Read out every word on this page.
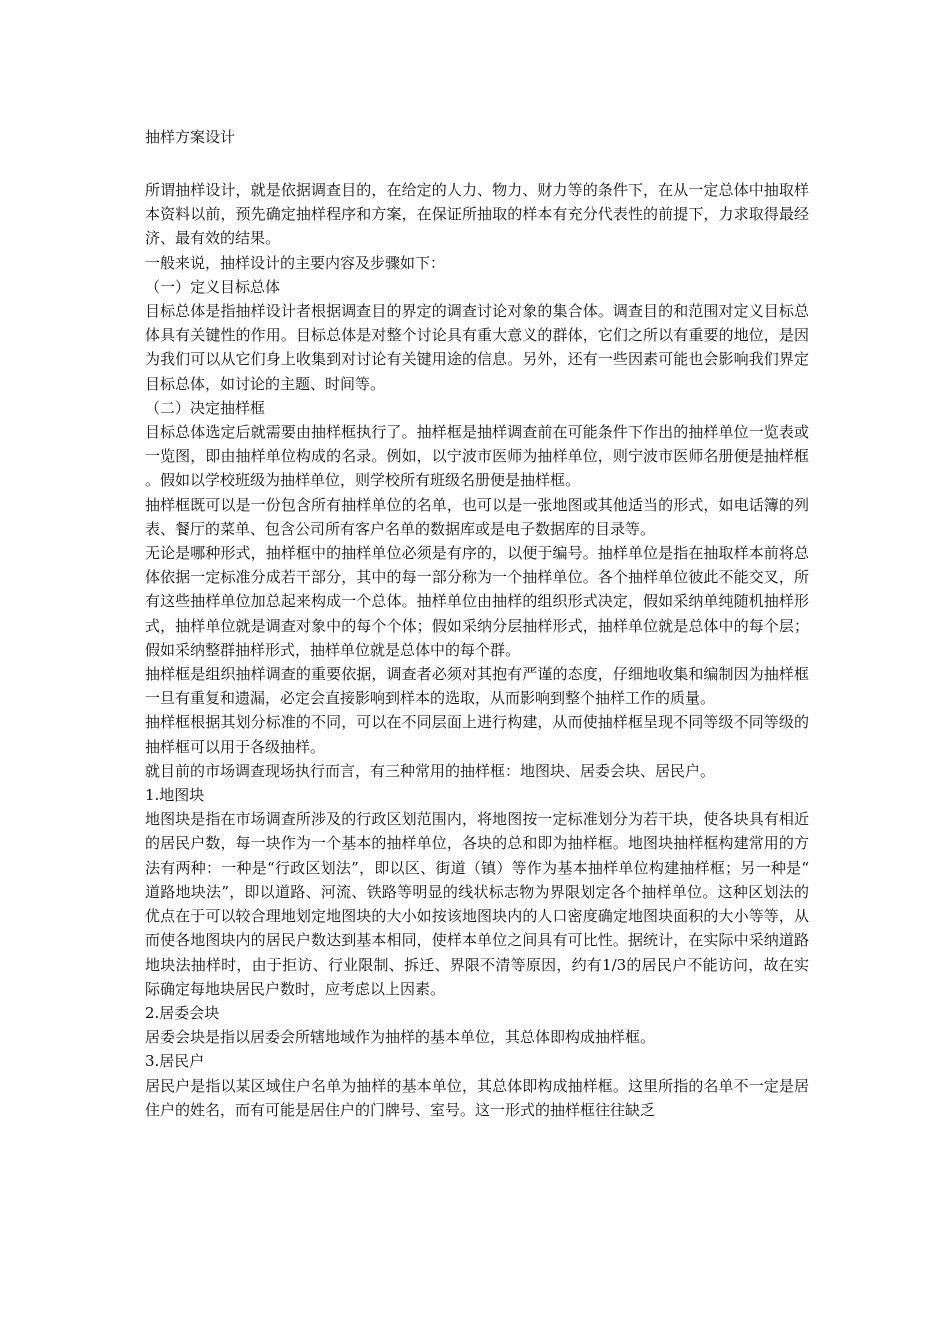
抽样方案设计

所谓抽样设计，就是依据调查目的，在给定的人力、物力、财力等的条件下，在从一定总体中抽取样本资料以前，预先确定抽样程序和方案，在保证所抽取的样本有充分代表性的前提下，力求取得最经济、最有效的结果。

一般来说，抽样设计的主要内容及步骤如下：

（一）定义目标总体

目标总体是指抽样设计者根据调查目的界定的调查讨论对象的集合体。调查目的和范围对定义目标总体具有关键性的作用。目标总体是对整个讨论具有重大意义的群体，它们之所以有重要的地位，是因为我们可以从它们身上收集到对讨论有关键用途的信息。另外，还有一些因素可能也会影响我们界定目标总体，如讨论的主题、时间等。

（二）决定抽样框

目标总体选定后就需要由抽样框执行了。抽样框是抽样调查前在可能条件下作出的抽样单位一览表或一览图，即由抽样单位构成的名录。例如，以宁波市医师为抽样单位，则宁波市医师名册便是抽样框。假如以学校班级为抽样单位，则学校所有班级名册便是抽样框。

抽样框既可以是一份包含所有抽样单位的名单，也可以是一张地图或其他适当的形式，如电话簿的列表、餐厅的菜单、包含公司所有客户名单的数据库或是电子数据库的目录等。

无论是哪种形式，抽样框中的抽样单位必须是有序的，以便于编号。抽样单位是指在抽取样本前将总体依据一定标准分成若干部分，其中的每一部分称为一个抽样单位。各个抽样单位彼此不能交叉，所有这些抽样单位加总起来构成一个总体。抽样单位由抽样的组织形式决定，假如采纳单纯随机抽样形式，抽样单位就是调查对象中的每个个体；假如采纳分层抽样形式，抽样单位就是总体中的每个层；假如采纳整群抽样形式，抽样单位就是总体中的每个群。

抽样框是组织抽样调查的重要依据，调查者必须对其抱有严谨的态度，仔细地收集和编制因为抽样框一旦有重复和遗漏，必定会直接影响到样本的选取，从而影响到整个抽样工作的质量。

抽样框根据其划分标准的不同，可以在不同层面上进行构建，从而使抽样框呈现不同等级不同等级的抽样框可以用于各级抽样。

就目前的市场调查现场执行而言，有三种常用的抽样框：地图块、居委会块、居民户。

1.地图块

地图块是指在市场调查所涉及的行政区划范围内，将地图按一定标准划分为若干块，使各块具有相近的居民户数，每一块作为一个基本的抽样单位，各块的总和即为抽样框。地图块抽样框构建常用的方法有两种：一种是“行政区划法”，即以区、街道（镇）等作为基本抽样单位构建抽样框；另一种是“道路地块法”，即以道路、河流、铁路等明显的线状标志物为界限划定各个抽样单位。这种区划法的优点在于可以较合理地划定地图块的大小如按该地图块内的人口密度确定地图块面积的大小等等，从而使各地图块内的居民户数达到基本相同，使样本单位之间具有可比性。据统计，在实际中采纳道路地块法抽样时，由于拒访、行业限制、拆迁、界限不清等原因，约有1/3的居民户不能访问，故在实际确定每地块居民户数时，应考虑以上因素。

2.居委会块

居委会块是指以居委会所辖地域作为抽样的基本单位，其总体即构成抽样框。

3.居民户

居民户是指以某区域住户名单为抽样的基本单位，其总体即构成抽样框。这里所指的名单不一定是居住户的姓名，而有可能是居住户的门牌号、室号。这一形式的抽样框往往缺乏
